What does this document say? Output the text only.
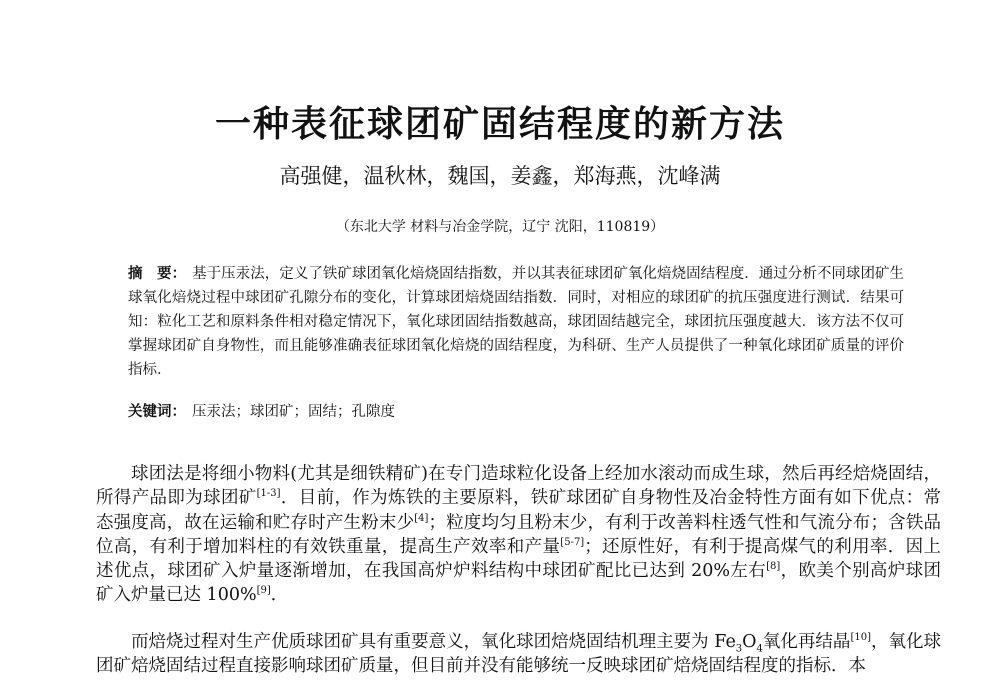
一种表征球团矿固结程度的新方法
高强健，温秋林，魏国，姜鑫，郑海燕，沈峰满
（东北大学 材料与冶金学院，辽宁 沈阳，110819）
摘　要： 基于压汞法，定义了铁矿球团氧化焙烧固结指数，并以其表征球团矿氧化焙烧固结程度．通过分析不同球团矿生球氧化焙烧过程中球团矿孔隙分布的变化，计算球团焙烧固结指数．同时，对相应的球团矿的抗压强度进行测试．结果可知：粒化工艺和原料条件相对稳定情况下，氧化球团固结指数越高，球团固结越完全，球团抗压强度越大．该方法不仅可掌握球团矿自身物性，而且能够准确表征球团氧化焙烧的固结程度，为科研、生产人员提供了一种氧化球团矿质量的评价指标．
关键词： 压汞法；球团矿；固结；孔隙度
球团法是将细小物料(尤其是细铁精矿)在专门造球粒化设备上经加水滚动而成生球，然后再经焙烧固结，所得产品即为球团矿[1-3]．目前，作为炼铁的主要原料，铁矿球团矿自身物性及冶金特性方面有如下优点：常态强度高，故在运输和贮存时产生粉末少[4]；粒度均匀且粉末少，有利于改善料柱透气性和气流分布；含铁品位高，有利于增加料柱的有效铁重量，提高生产效率和产量[5-7]；还原性好，有利于提高煤气的利用率．因上述优点，球团矿入炉量逐渐增加，在我国高炉炉料结构中球团矿配比已达到 20%左右[8]，欧美个别高炉球团矿入炉量已达 100%[9]．
而焙烧过程对生产优质球团矿具有重要意义，氧化球团焙烧固结机理主要为 $Fe_3O_4$氧化再结晶[10]，氧化球团矿焙烧固结过程直接影响球团矿质量，但目前并没有能够统一反映球团矿焙烧固结程度的指标．本
